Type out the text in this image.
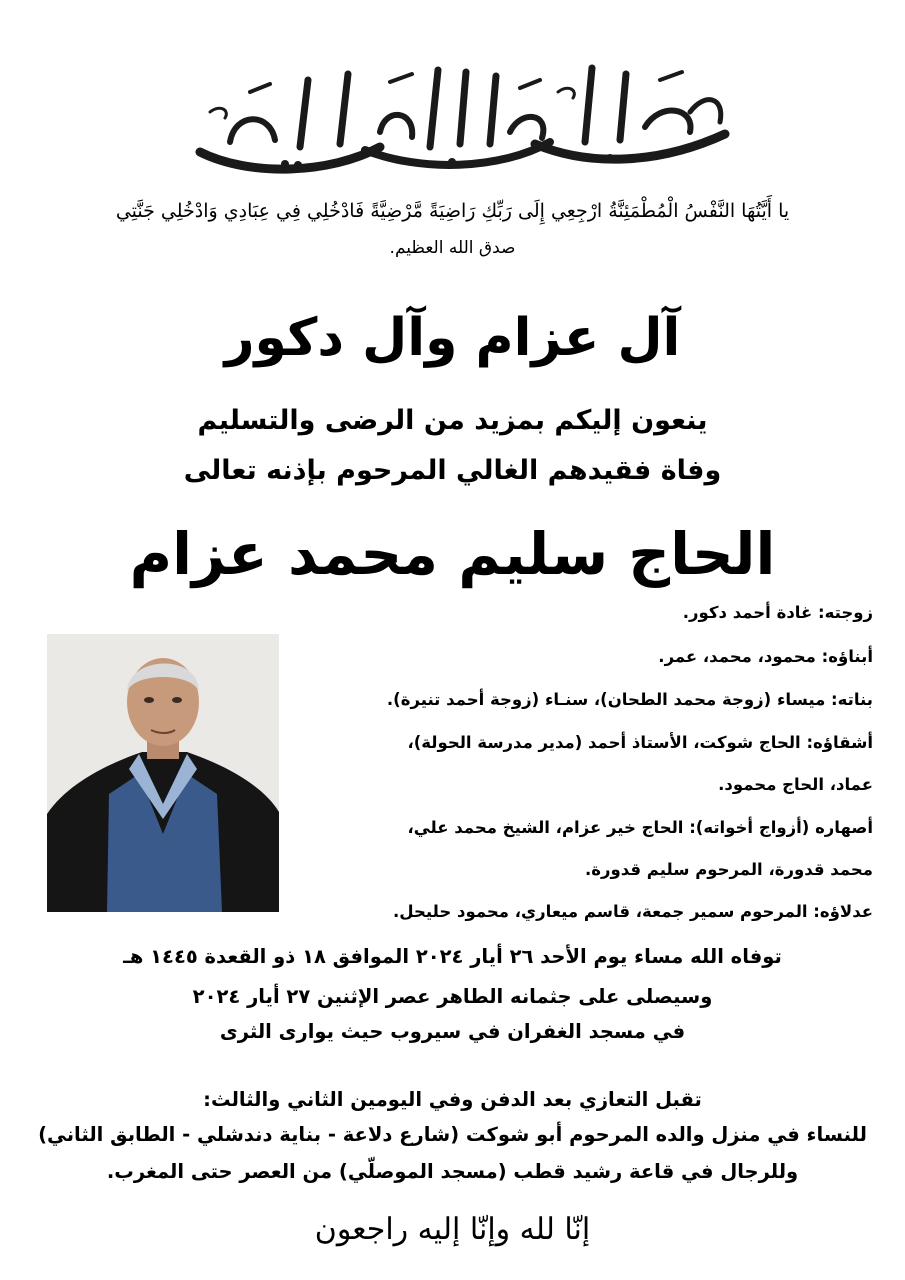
يا أَيَّتُهَا النَّفْسُ الْمُطْمَئِنَّةُ ارْجِعِي إِلَى رَبِّكِ رَاضِيَةً مَّرْضِيَّةً فَادْخُلِي فِي عِبَادِي وَادْخُلِي جَنَّتِي
صدق الله العظيم.
آل عزام وآل دكور
ينعون إليكم بمزيد من الرضى والتسليم
وفاة فقيدهم الغالي المرحوم بإذنه تعالى
الحاج سليم محمد عزام
زوجته: غادة أحمد دكور.
أبناؤه: محمود، محمد، عمر.
بناته: ميساء (زوجة محمد الطحان)، سنـاء (زوجة أحمد تنيرة).
أشقاؤه: الحاج شوكت، الأستاذ أحمد (مدير مدرسة الحولة)،
عماد، الحاج محمود.
أصهاره (أزواج أخواته): الحاج خير عزام، الشيخ محمد علي،
محمد قدورة، المرحوم سليم قدورة.
عدلاؤه: المرحوم سمير جمعة، قاسم ميعاري، محمود حليحل.
توفاه الله مساء يوم الأحد ٢٦ أيار ٢٠٢٤ الموافق ١٨ ذو القعدة ١٤٤٥ هـ
وسيصلى على جثمانه الطاهر عصر الإثنين ٢٧ أيار ٢٠٢٤
في مسجد الغفران في سيروب حيث يوارى الثرى
تقبل التعازي بعد الدفن وفي اليومين الثاني والثالث:
للنساء في منزل والده المرحوم أبو شوكت (شارع دلاعة - بناية دندشلي - الطابق الثاني)
وللرجال في قاعة رشيد قطب (مسجد الموصلّي) من العصر حتى المغرب.
إنّا لله وإنّا إليه راجعون
